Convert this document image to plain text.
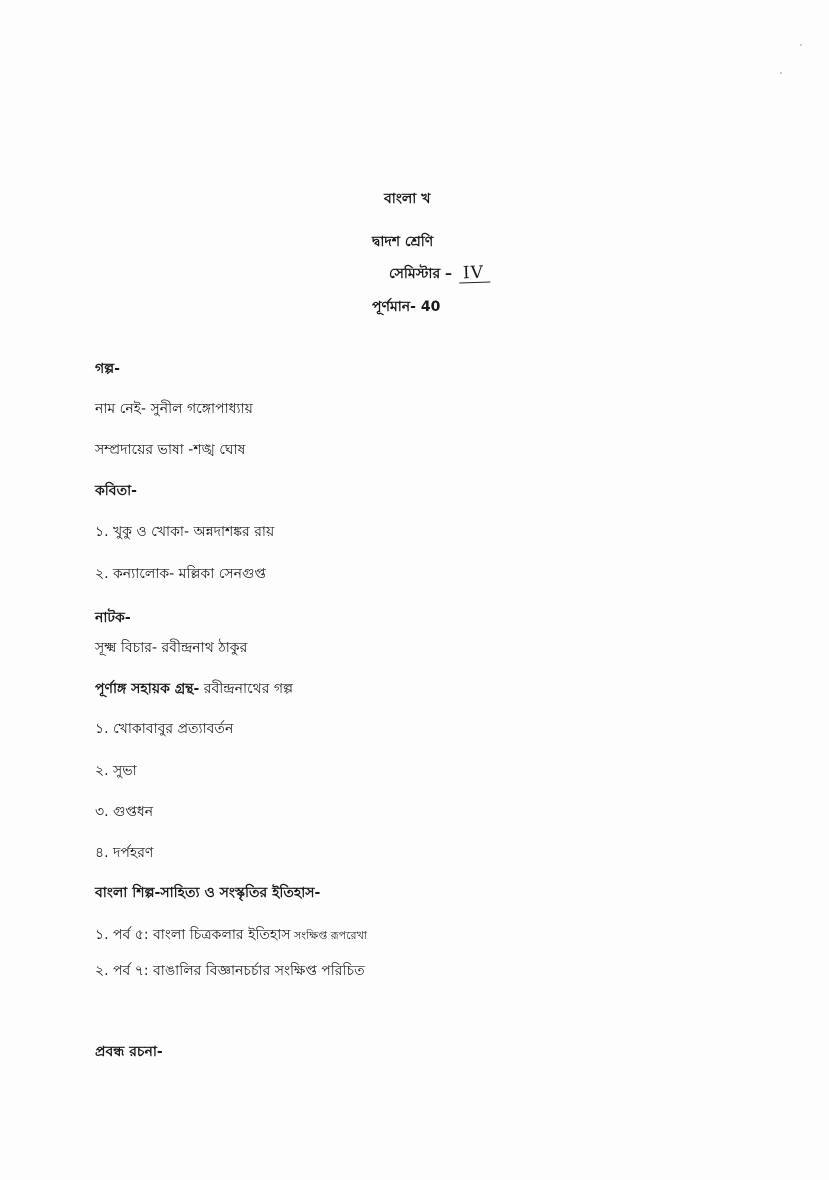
বাংলা খ
দ্বাদশ শ্রেণি
সেমিস্টার – IV
পূর্ণমান- 40
গল্প-
নাম নেই- সুনীল গঙ্গোপাধ্যায়
সম্প্রদায়ের ভাষা -শঙ্খ ঘোষ
কবিতা-
১. খুকু ও খোকা- অন্নদাশঙ্কর রায়
২. কন্যালোক- মল্লিকা সেনগুপ্ত
নাটক-
সূক্ষ্ম বিচার- রবীন্দ্রনাথ ঠাকুর
পূর্ণাঙ্গ সহায়ক গ্রন্থ- রবীন্দ্রনাথের গল্প
১. খোকাবাবুর প্রত্যাবর্তন
২. সুভা
৩. গুপ্তধন
৪. দর্পহরণ
বাংলা শিল্প-সাহিত্য ও সংস্কৃতির ইতিহাস-
১. পর্ব ৫: বাংলা চিত্রকলার ইতিহাস সংক্ষিপ্ত রূপরেখা
২. পর্ব ৭: বাঙালির বিজ্ঞানচর্চার সংক্ষিপ্ত পরিচিত
প্রবন্ধ রচনা-
